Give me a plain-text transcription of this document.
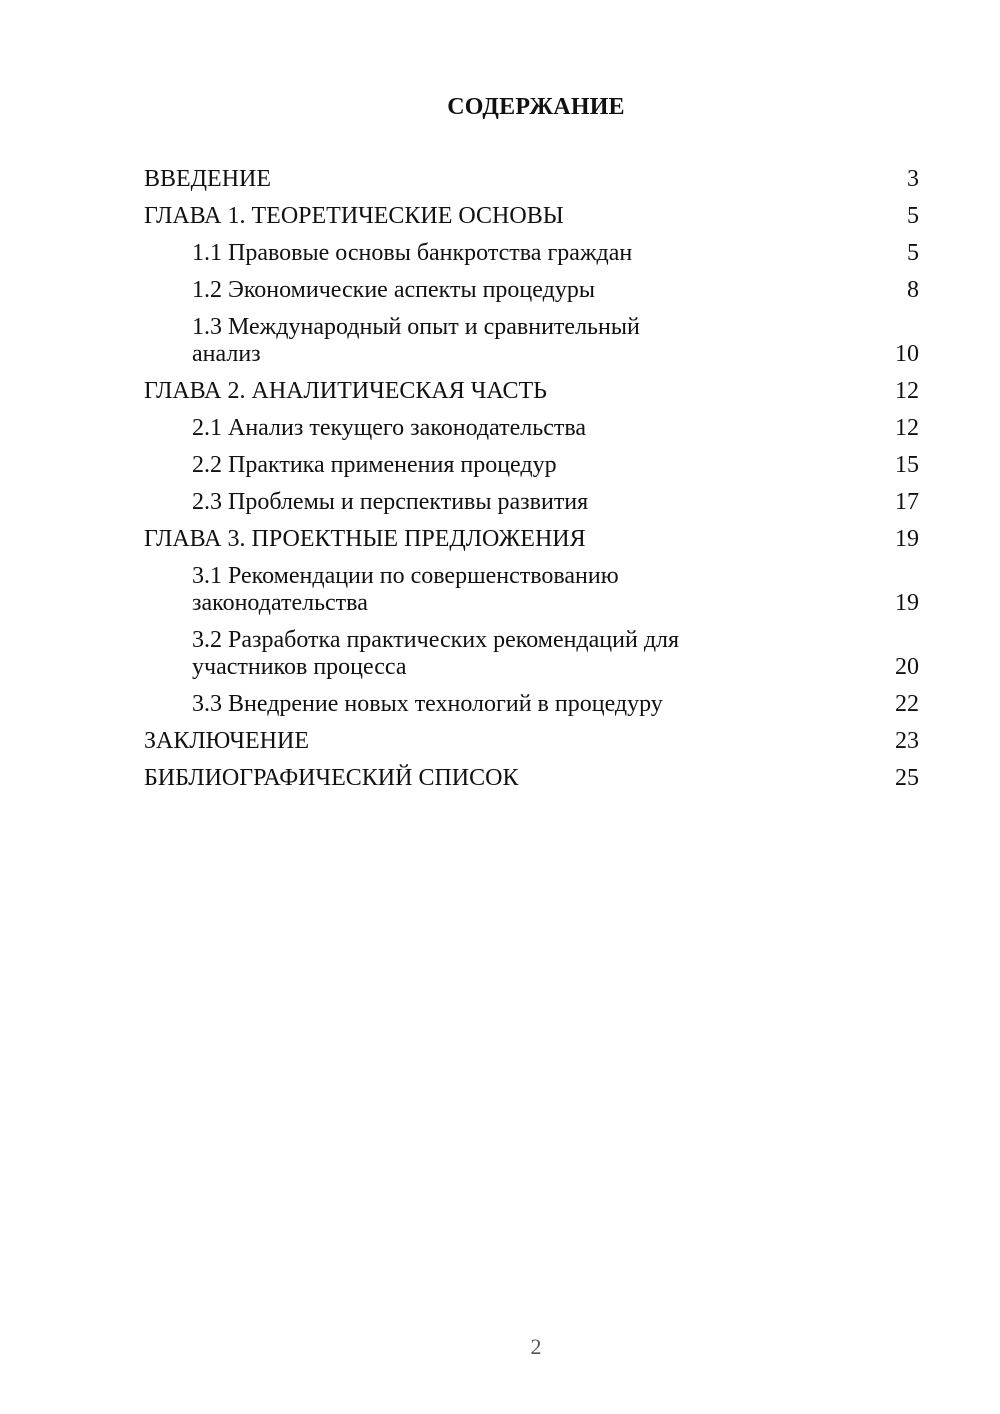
СОДЕРЖАНИЕ
ВВЕДЕНИЕ	3
ГЛАВА 1. ТЕОРЕТИЧЕСКИЕ ОСНОВЫ	5
1.1 Правовые основы банкротства граждан	5
1.2 Экономические аспекты процедуры	8
1.3 Международный опыт и сравнительный анализ	10
ГЛАВА 2. АНАЛИТИЧЕСКАЯ ЧАСТЬ	12
2.1 Анализ текущего законодательства	12
2.2 Практика применения процедур	15
2.3 Проблемы и перспективы развития	17
ГЛАВА 3. ПРОЕКТНЫЕ ПРЕДЛОЖЕНИЯ	19
3.1 Рекомендации по совершенствованию законодательства	19
3.2 Разработка практических рекомендаций для участников процесса	20
3.3 Внедрение новых технологий в процедуру	22
ЗАКЛЮЧЕНИЕ	23
БИБЛИОГРАФИЧЕСКИЙ СПИСОК	25
2
